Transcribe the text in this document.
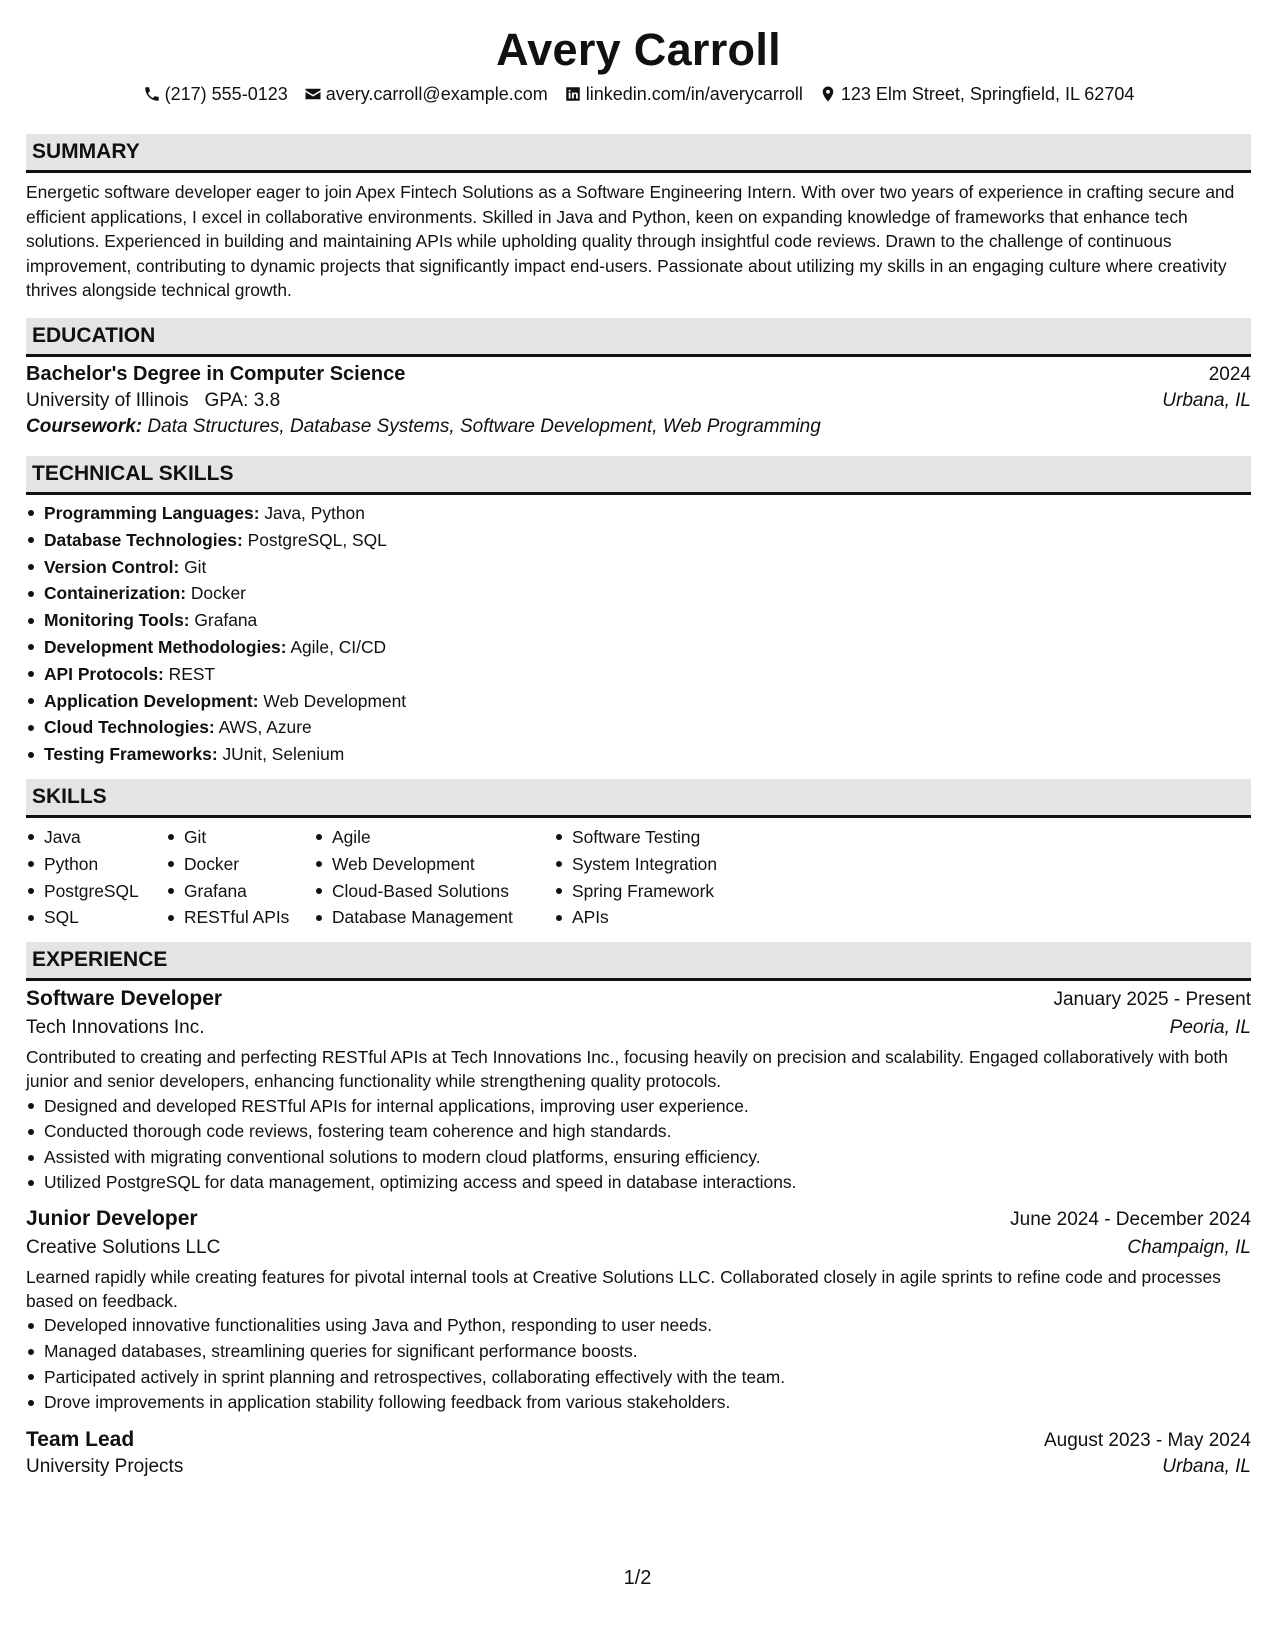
Avery Carroll
(217) 555-0123 avery.carroll@example.com linkedin.com/in/averycarroll 123 Elm Street, Springfield, IL 62704
SUMMARY

Energetic software developer eager to join Apex Fintech Solutions as a Software Engineering Intern. With over two years of experience in crafting secure and efficient applications, I excel in collaborative environments. Skilled in Java and Python, keen on expanding knowledge of frameworks that enhance tech solutions. Experienced in building and maintaining APIs while upholding quality through insightful code reviews. Drawn to the challenge of continuous improvement, contributing to dynamic projects that significantly impact end-users. Passionate about utilizing my skills in an engaging culture where creativity thrives alongside technical growth.

EDUCATION
Bachelor's Degree in Computer Science	2024
University of Illinois GPA: 3.8	Urbana, IL
Coursework: Data Structures, Database Systems, Software Development, Web Programming
TECHNICAL SKILLS
Programming Languages: Java, Python
Database Technologies: PostgreSQL, SQL
Version Control: Git
Containerization: Docker
Monitoring Tools: Grafana
Development Methodologies: Agile, CI/CD
API Protocols: REST
Application Development: Web Development
Cloud Technologies: AWS, Azure
Testing Frameworks: JUnit, Selenium
SKILLS
Java
Python
PostgreSQL
SQL
Git
Docker
Grafana
RESTful APIs
Agile
Web Development
Cloud-Based Solutions
Database Management
Software Testing
System Integration
Spring Framework
APIs
EXPERIENCE
Software Developer	January 2025 - Present
Tech Innovations Inc.	Peoria, IL

Contributed to creating and perfecting RESTful APIs at Tech Innovations Inc., focusing heavily on precision and scalability. Engaged collaboratively with both junior and senior developers, enhancing functionality while strengthening quality protocols.

Designed and developed RESTful APIs for internal applications, improving user experience.
Conducted thorough code reviews, fostering team coherence and high standards.
Assisted with migrating conventional solutions to modern cloud platforms, ensuring efficiency.
Utilized PostgreSQL for data management, optimizing access and speed in database interactions.
Junior Developer	June 2024 - December 2024
Creative Solutions LLC	Champaign, IL

Learned rapidly while creating features for pivotal internal tools at Creative Solutions LLC. Collaborated closely in agile sprints to refine code and processes based on feedback.

Developed innovative functionalities using Java and Python, responding to user needs.
Managed databases, streamlining queries for significant performance boosts.
Participated actively in sprint planning and retrospectives, collaborating effectively with the team.
Drove improvements in application stability following feedback from various stakeholders.
Team Lead	August 2023 - May 2024
University Projects	Urbana, IL
1/2
